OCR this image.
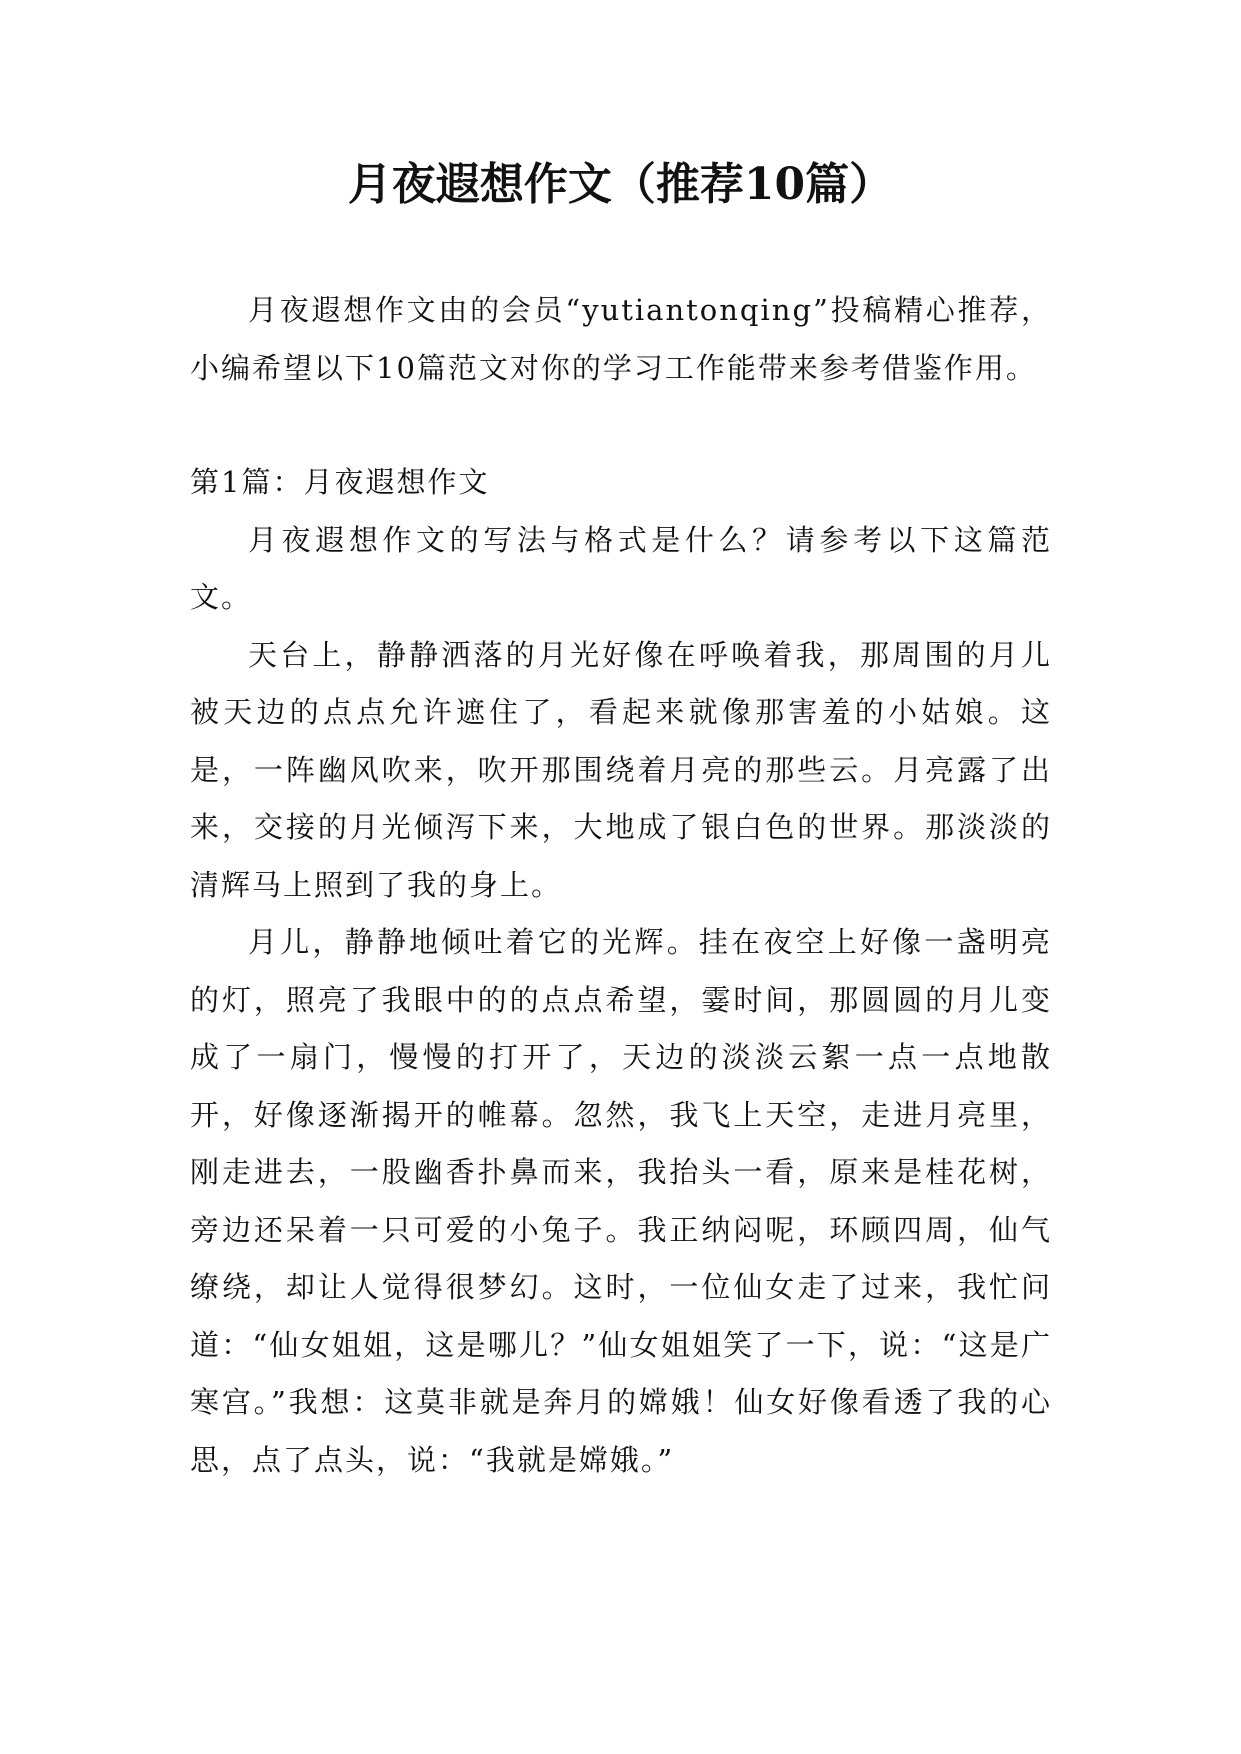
月夜遐想作文（推荐10篇）

月夜遐想作文由的会员“yutiantonqing”投稿精心推荐，小编希望以下10篇范文对你的学习工作能带来参考借鉴作用。

第1篇：月夜遐想作文

月夜遐想作文的写法与格式是什么？请参考以下这篇范文。

天台上，静静洒落的月光好像在呼唤着我，那周围的月儿被天边的点点允许遮住了，看起来就像那害羞的小姑娘。这是，一阵幽风吹来，吹开那围绕着月亮的那些云。月亮露了出来，交接的月光倾泻下来，大地成了银白色的世界。那淡淡的清辉马上照到了我的身上。

月儿，静静地倾吐着它的光辉。挂在夜空上好像一盏明亮的灯，照亮了我眼中的的点点希望，霎时间，那圆圆的月儿变成了一扇门，慢慢的打开了，天边的淡淡云絮一点一点地散开，好像逐渐揭开的帷幕。忽然，我飞上天空，走进月亮里，刚走进去，一股幽香扑鼻而来，我抬头一看，原来是桂花树，旁边还呆着一只可爱的小兔子。我正纳闷呢，环顾四周，仙气缭绕，却让人觉得很梦幻。这时，一位仙女走了过来，我忙问道：“仙女姐姐，这是哪儿？”仙女姐姐笑了一下，说：“这是广寒宫。”我想：这莫非就是奔月的嫦娥！仙女好像看透了我的心思，点了点头，说：“我就是嫦娥。”
